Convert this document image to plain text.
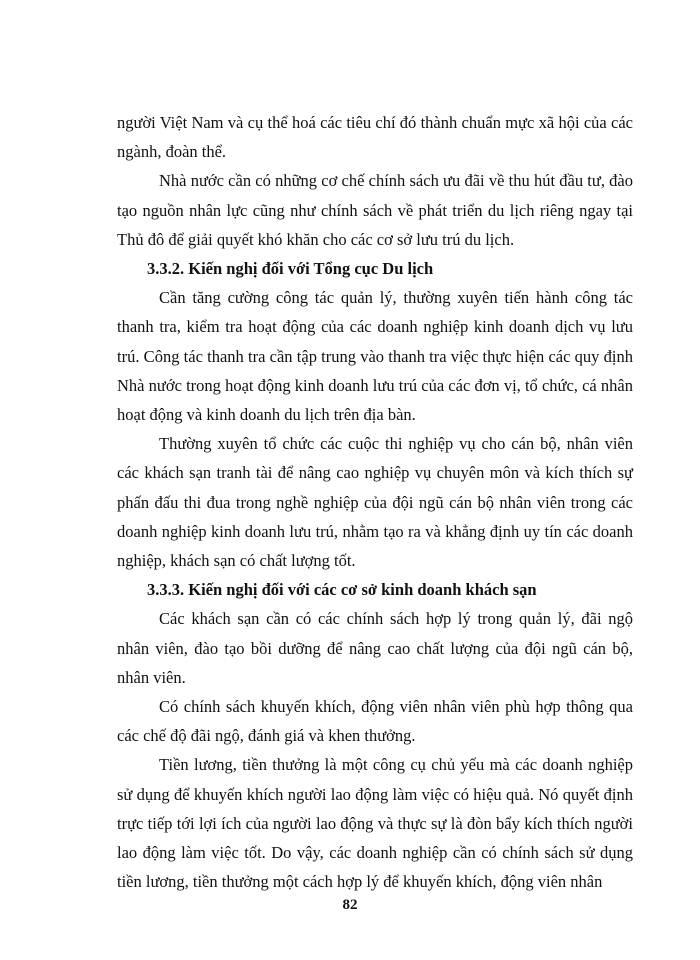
người Việt Nam và cụ thể hoá các tiêu chí đó thành chuẩn mực xã hội của các ngành, đoàn thể.

Nhà nước cần có những cơ chế chính sách ưu đãi về thu hút đầu tư, đào tạo nguồn nhân lực cũng như chính sách về phát triển du lịch riêng ngay tại Thủ đô để giải quyết khó khăn cho các cơ sở lưu trú du lịch.

3.3.2. Kiến nghị đối với Tổng cục Du lịch

Cần tăng cường công tác quản lý, thường xuyên tiến hành công tác thanh tra, kiểm tra hoạt động của các doanh nghiệp kinh doanh dịch vụ lưu trú. Công tác thanh tra cần tập trung vào thanh tra việc thực hiện các quy định Nhà nước trong hoạt động kinh doanh lưu trú của các đơn vị, tổ chức, cá nhân hoạt động và kinh doanh du lịch trên địa bàn.

Thường xuyên tổ chức các cuộc thi nghiệp vụ cho cán bộ, nhân viên các khách sạn tranh tài để nâng cao nghiệp vụ chuyên môn và kích thích sự phấn đấu thi đua trong nghề nghiệp của đội ngũ cán bộ nhân viên trong các doanh nghiệp kinh doanh lưu trú, nhằm tạo ra và khẳng định uy tín các doanh nghiệp, khách sạn có chất lượng tốt.

3.3.3. Kiến nghị đối với các cơ sở kinh doanh khách sạn

Các khách sạn cần có các chính sách hợp lý trong quản lý, đãi ngộ nhân viên, đào tạo bồi dưỡng để nâng cao chất lượng của đội ngũ cán bộ, nhân viên.

Có chính sách khuyến khích, động viên nhân viên phù hợp thông qua các chế độ đãi ngộ, đánh giá và khen thưởng.

Tiền lương, tiền thưởng là một công cụ chủ yếu mà các doanh nghiệp sử dụng để khuyến khích người lao động làm việc có hiệu quả. Nó quyết định trực tiếp tới lợi ích của người lao động và thực sự là đòn bẩy kích thích người lao động làm việc tốt. Do vậy, các doanh nghiệp cần có chính sách sử dụng tiền lương, tiền thưởng một cách hợp lý để khuyến khích, động viên nhân

82
